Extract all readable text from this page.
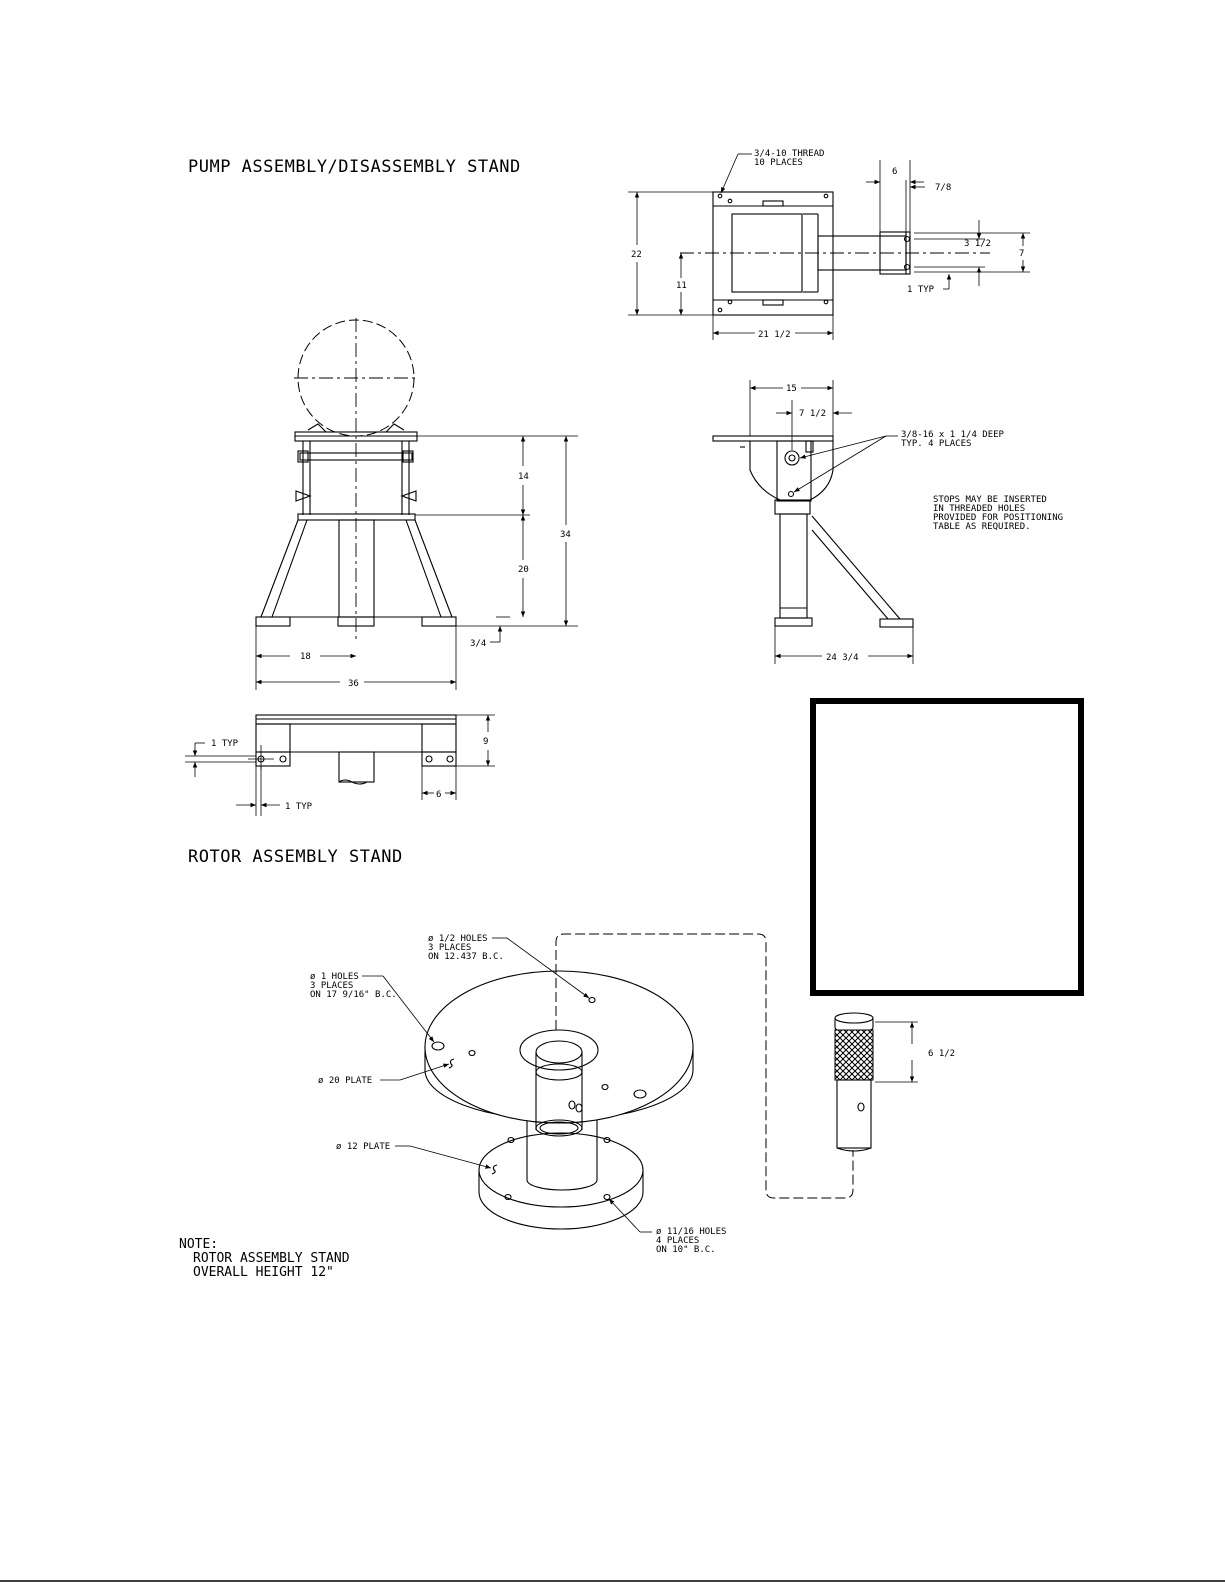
PUMP ASSEMBLY/DISASSEMBLY STAND
ROTOR ASSEMBLY STAND
22
11
21 1/2
3/4-10 THREAD
10 PLACES
6
7/8
3 1/2
7
1 TYP
14
20
34
3/4
18
36
15
7 1/2
3/8-16 x 1 1/4 DEEP
TYP. 4 PLACES
STOPS MAY BE INSERTED
IN THREADED HOLES
PROVIDED FOR POSITIONING
TABLE AS REQUIRED.
24 3/4
1 TYP	9
1 TYP
6
ø 1/2 HOLES
3 PLACES
ON 12.437 B.C.
ø 1 HOLES
3 PLACES
ON 17 9/16" B.C.
ø 20 PLATE
ø 12 PLATE
ø 11/16 HOLES
4 PLACES
ON 10" B.C.
6 1/2
NOTE:
ROTOR ASSEMBLY STAND
OVERALL HEIGHT 12"
